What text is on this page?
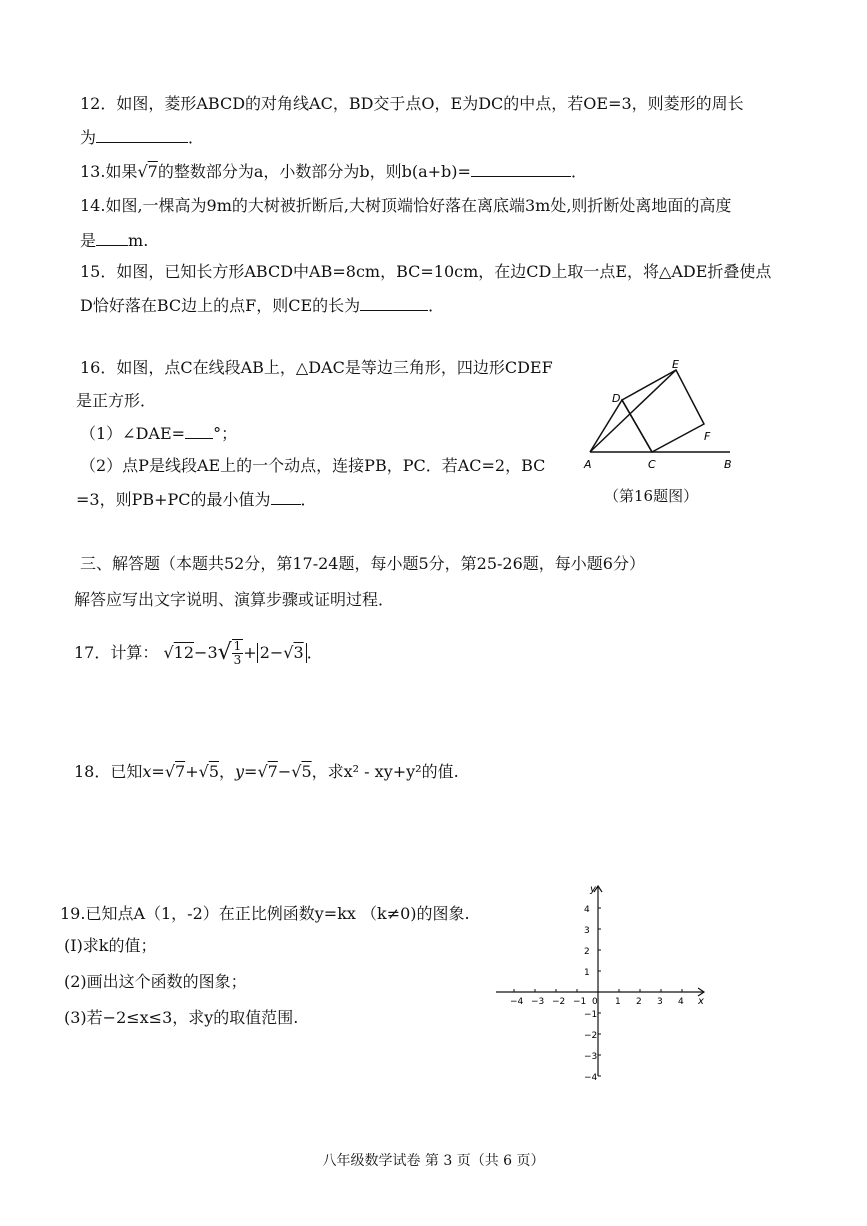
12．如图，菱形ABCD的对角线AC，BD交于点O，E为DC的中点，若OE=3，则菱形的周长
为	．
13.如果√7的整数部分为a，小数部分为b，则b(a+b)=	．
14.如图,一棵高为9m的大树被折断后,大树顶端恰好落在离底端3m处,则折断处离地面的高度
是 m.
15．如图，已知长方形ABCD中AB=8cm，BC=10cm，在边CD上取一点E，将△ADE折叠使点
D恰好落在BC边上的点F，则CE的长为	．
16．如图，点C在线段AB上，△DAC是等边三角形，四边形CDEF
是正方形．
（1）∠DAE= °；
（2）点P是线段AE上的一个动点，连接PB，PC．若AC=2，BC
=3，则PB+PC的最小值为 ．
A	B
C
D
E
F
（第16题图）
三、解答题（本题共52分，第17-24题，每小题5分，第25-26题，每小题6分）
解答应写出文字说明、演算步骤或证明过程．
17．计算： √12 −3 √ $\frac{1}{3} + 2-√3$ ．
18．已知x=√7+√5，y=√7−√5，求x² - xy+y²的值.
19.已知点A（1，-2）在正比例函数y=kx （k≠0)的图象.
(I)求k的值；
(2)画出这个函数的图象；
(3)若−2≤x≤3，求y的取值范围.
−4 −3 −2 −1	1 2 3 4
4
3
2
1
−1
−2
−3
−4
x
y
0
八年级数学试卷 第 3 页（共 6 页）
